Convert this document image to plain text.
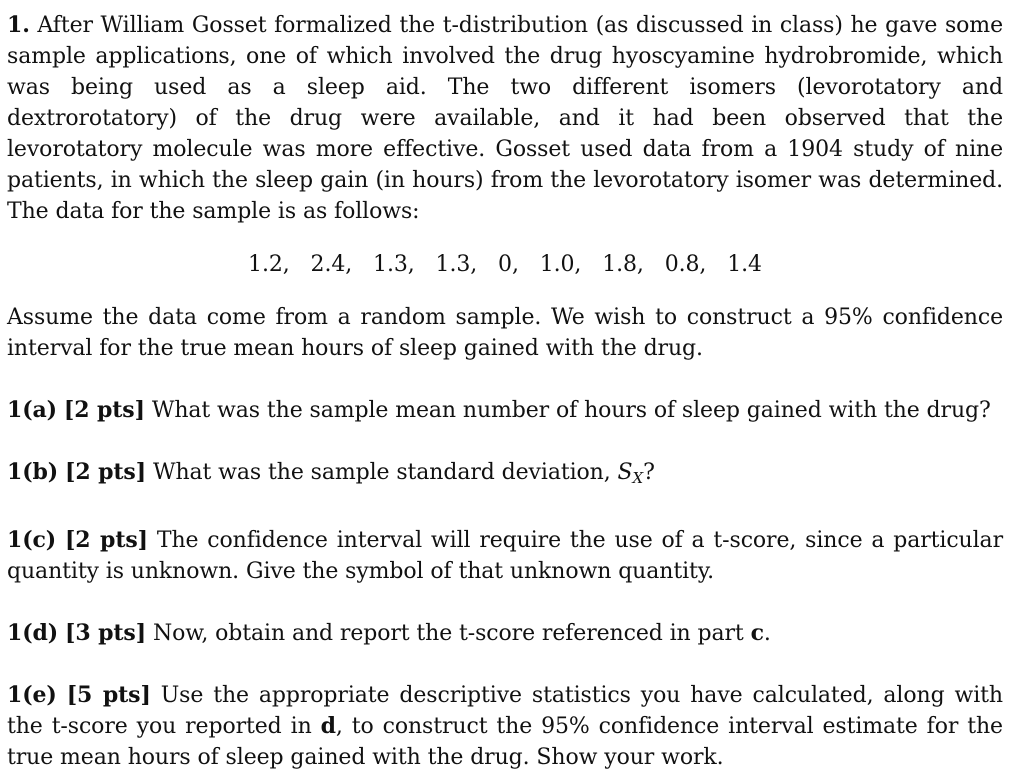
1. After William Gosset formalized the t-distribution (as discussed in class) he gave some sample applications, one of which involved the drug hyoscyamine hydrobromide, which was being used as a sleep aid. The two different isomers (levorotatory and dextrorotatory) of the drug were available, and it had been observed that the levorotatory molecule was more effective. Gosset used data from a 1904 study of nine patients, in which the sleep gain (in hours) from the levorotatory isomer was determined. The data for the sample is as follows:

1.2, 2.4, 1.3, 1.3, 0, 1.0, 1.8, 0.8, 1.4

Assume the data come from a random sample. We wish to construct a 95% confidence interval for the true mean hours of sleep gained with the drug.

1(a) [2 pts] What was the sample mean number of hours of sleep gained with the drug?

1(b) [2 pts] What was the sample standard deviation, $S_X$?

1(c) [2 pts] The confidence interval will require the use of a t-score, since a particular quantity is unknown. Give the symbol of that unknown quantity.

1(d) [3 pts] Now, obtain and report the t-score referenced in part c.

1(e) [5 pts] Use the appropriate descriptive statistics you have calculated, along with the t-score you reported in d, to construct the 95% confidence interval estimate for the true mean hours of sleep gained with the drug. Show your work.
